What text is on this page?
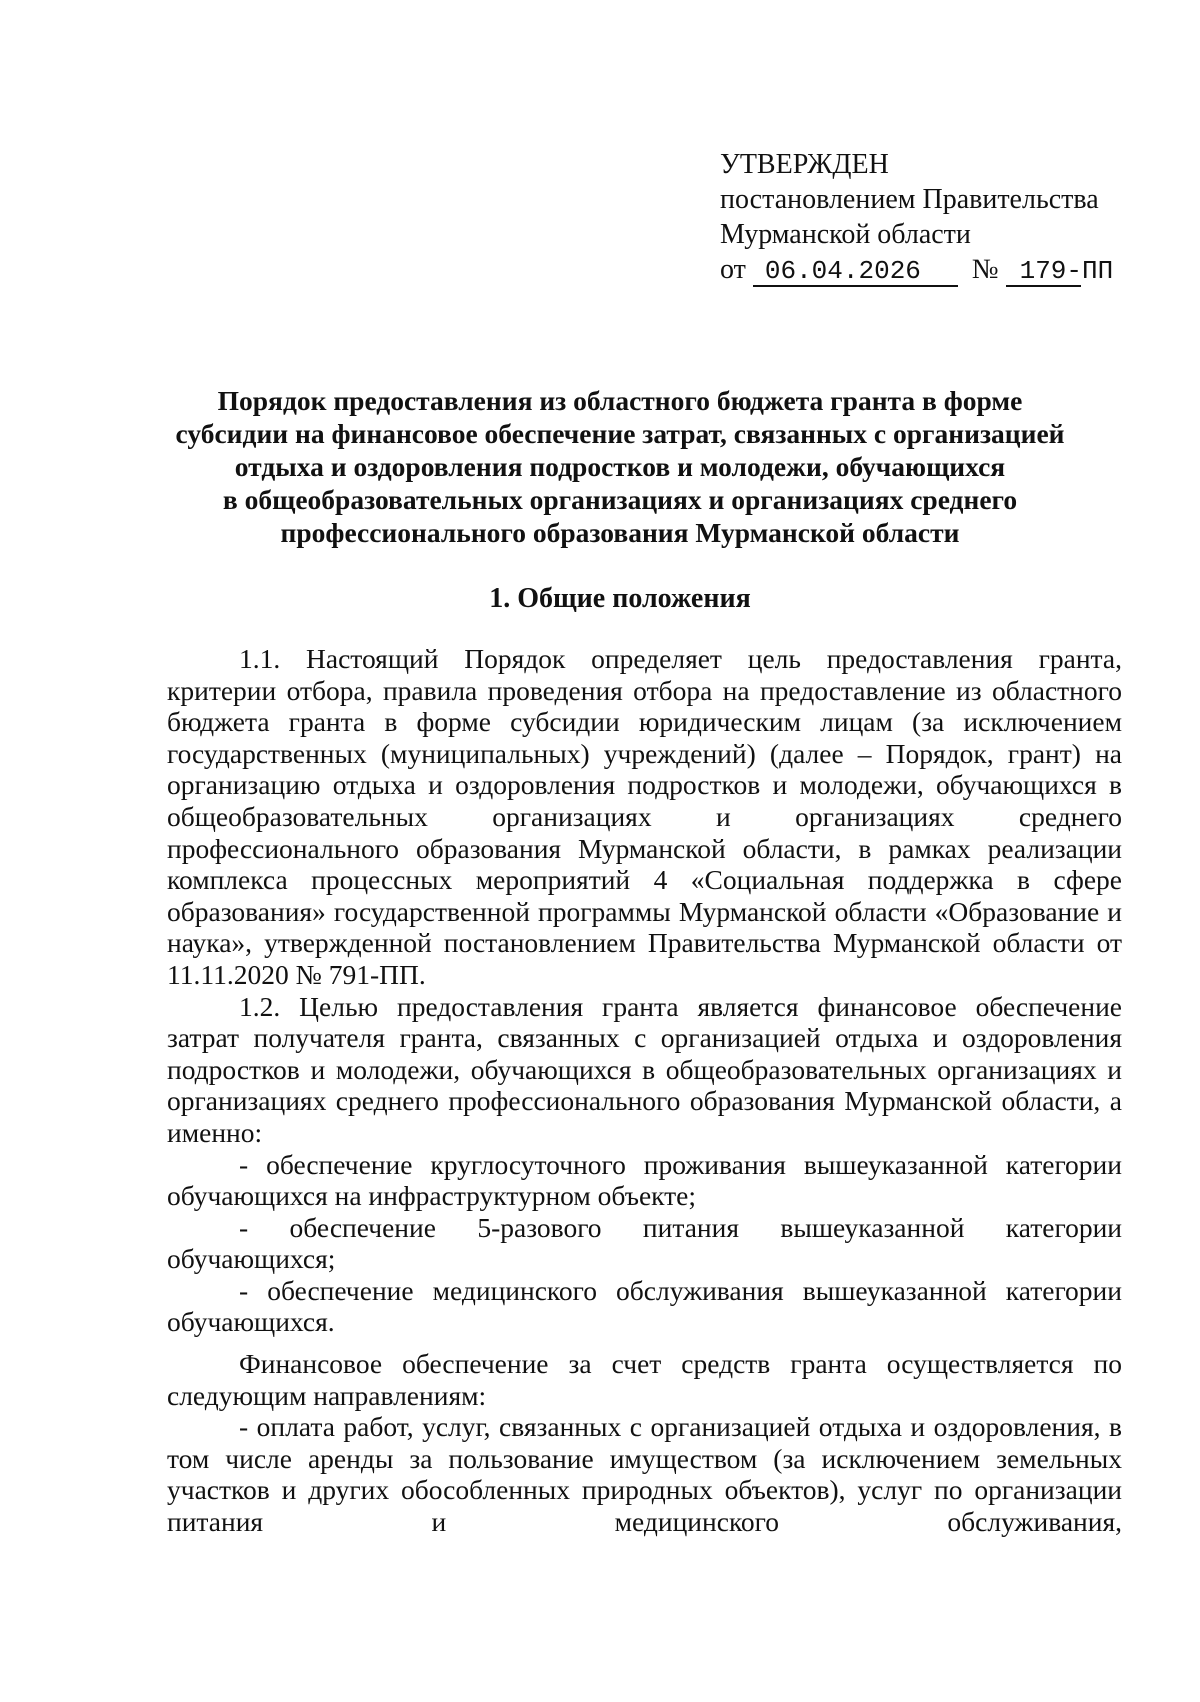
УТВЕРЖДЕН
постановлением Правительства
Мурманской области
от 06.04.2026 № 179-ПП
Порядок предоставления из областного бюджета гранта в форме
субсидии на финансовое обеспечение затрат, связанных с организацией
отдыха и оздоровления подростков и молодежи, обучающихся
в общеобразовательных организациях и организациях среднего
профессионального образования Мурманской области
1. Общие положения

1.1. Настоящий Порядок определяет цель предоставления гранта, критерии отбора, правила проведения отбора на предоставление из областного бюджета гранта в форме субсидии юридическим лицам (за исключением государственных (муниципальных) учреждений) (далее – Порядок, грант) на организацию отдыха и оздоровления подростков и молодежи, обучающихся в общеобразовательных организациях и организациях среднего профессионального образования Мурманской области, в рамках реализации комплекса процессных мероприятий 4 «Социальная поддержка в сфере образования» государственной программы Мурманской области «Образование и наука», утвержденной постановлением Правительства Мурманской области от 11.11.2020 № 791-ПП.

1.2. Целью предоставления гранта является финансовое обеспечение затрат получателя гранта, связанных с организацией отдыха и оздоровления подростков и молодежи, обучающихся в общеобразовательных организациях и организациях среднего профессионального образования Мурманской области, а именно:

- обеспечение круглосуточного проживания вышеуказанной категории обучающихся на инфраструктурном объекте;

- обеспечение 5-разового питания вышеуказанной категории обучающихся;

- обеспечение медицинского обслуживания вышеуказанной категории обучающихся.

Финансовое обеспечение за счет средств гранта осуществляется по следующим направлениям:

- оплата работ, услуг, связанных с организацией отдыха и оздоровления, в том числе аренды за пользование имуществом (за исключением земельных участков и других обособленных природных объектов), услуг по организации питания и медицинского обслуживания,
